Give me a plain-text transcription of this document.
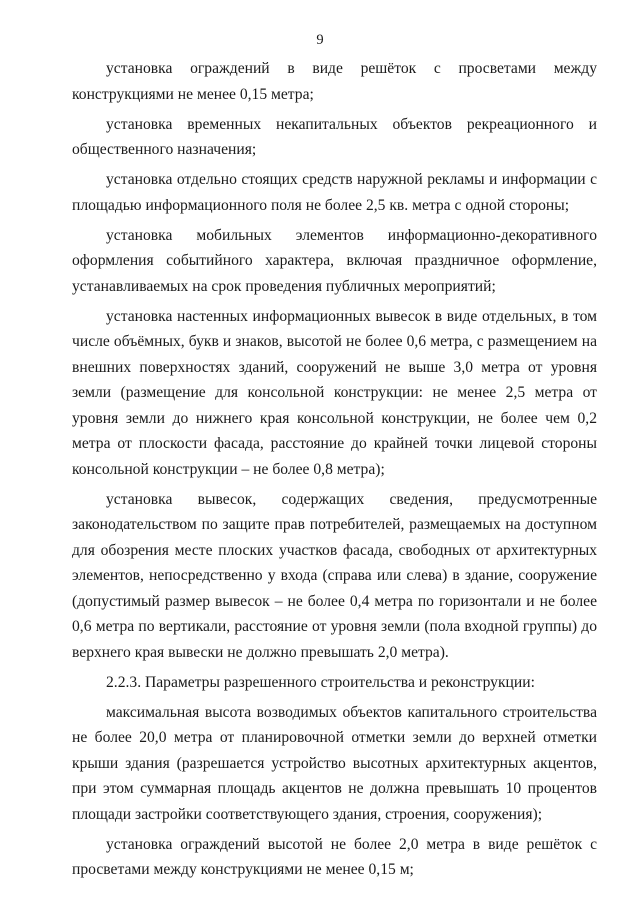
9

установка ограждений в виде решёток с просветами между конструкциями не менее 0,15 метра;

установка временных некапитальных объектов рекреационного и общественного назначения;

установка отдельно стоящих средств наружной рекламы и информации с площадью информационного поля не более 2,5 кв. метра с одной стороны;

установка мобильных элементов информационно-декоративного оформления событийного характера, включая праздничное оформление, устанавливаемых на срок проведения публичных мероприятий;

установка настенных информационных вывесок в виде отдельных, в том числе объёмных, букв и знаков, высотой не более 0,6 метра, с размещением на внешних поверхностях зданий, сооружений не выше 3,0 метра от уровня земли (размещение для консольной конструкции: не менее 2,5 метра от уровня земли до нижнего края консольной конструкции, не более чем 0,2 метра от плоскости фасада, расстояние до крайней точки лицевой стороны консольной конструкции – не более 0,8 метра);

установка вывесок, содержащих сведения, предусмотренные законодательством по защите прав потребителей, размещаемых на доступном для обозрения месте плоских участков фасада, свободных от архитектурных элементов, непосредственно у входа (справа или слева) в здание, сооружение (допустимый размер вывесок – не более 0,4 метра по горизонтали и не более 0,6 метра по вертикали, расстояние от уровня земли (пола входной группы) до верхнего края вывески не должно превышать 2,0 метра).

2.2.3. Параметры разрешенного строительства и реконструкции:

максимальная высота возводимых объектов капитального строительства не более 20,0 метра от планировочной отметки земли до верхней отметки крыши здания (разрешается устройство высотных архитектурных акцентов, при этом суммарная площадь акцентов не должна превышать 10 процентов площади застройки соответствующего здания, строения, сооружения);

установка ограждений высотой не более 2,0 метра в виде решёток с просветами между конструкциями не менее 0,15 м;
